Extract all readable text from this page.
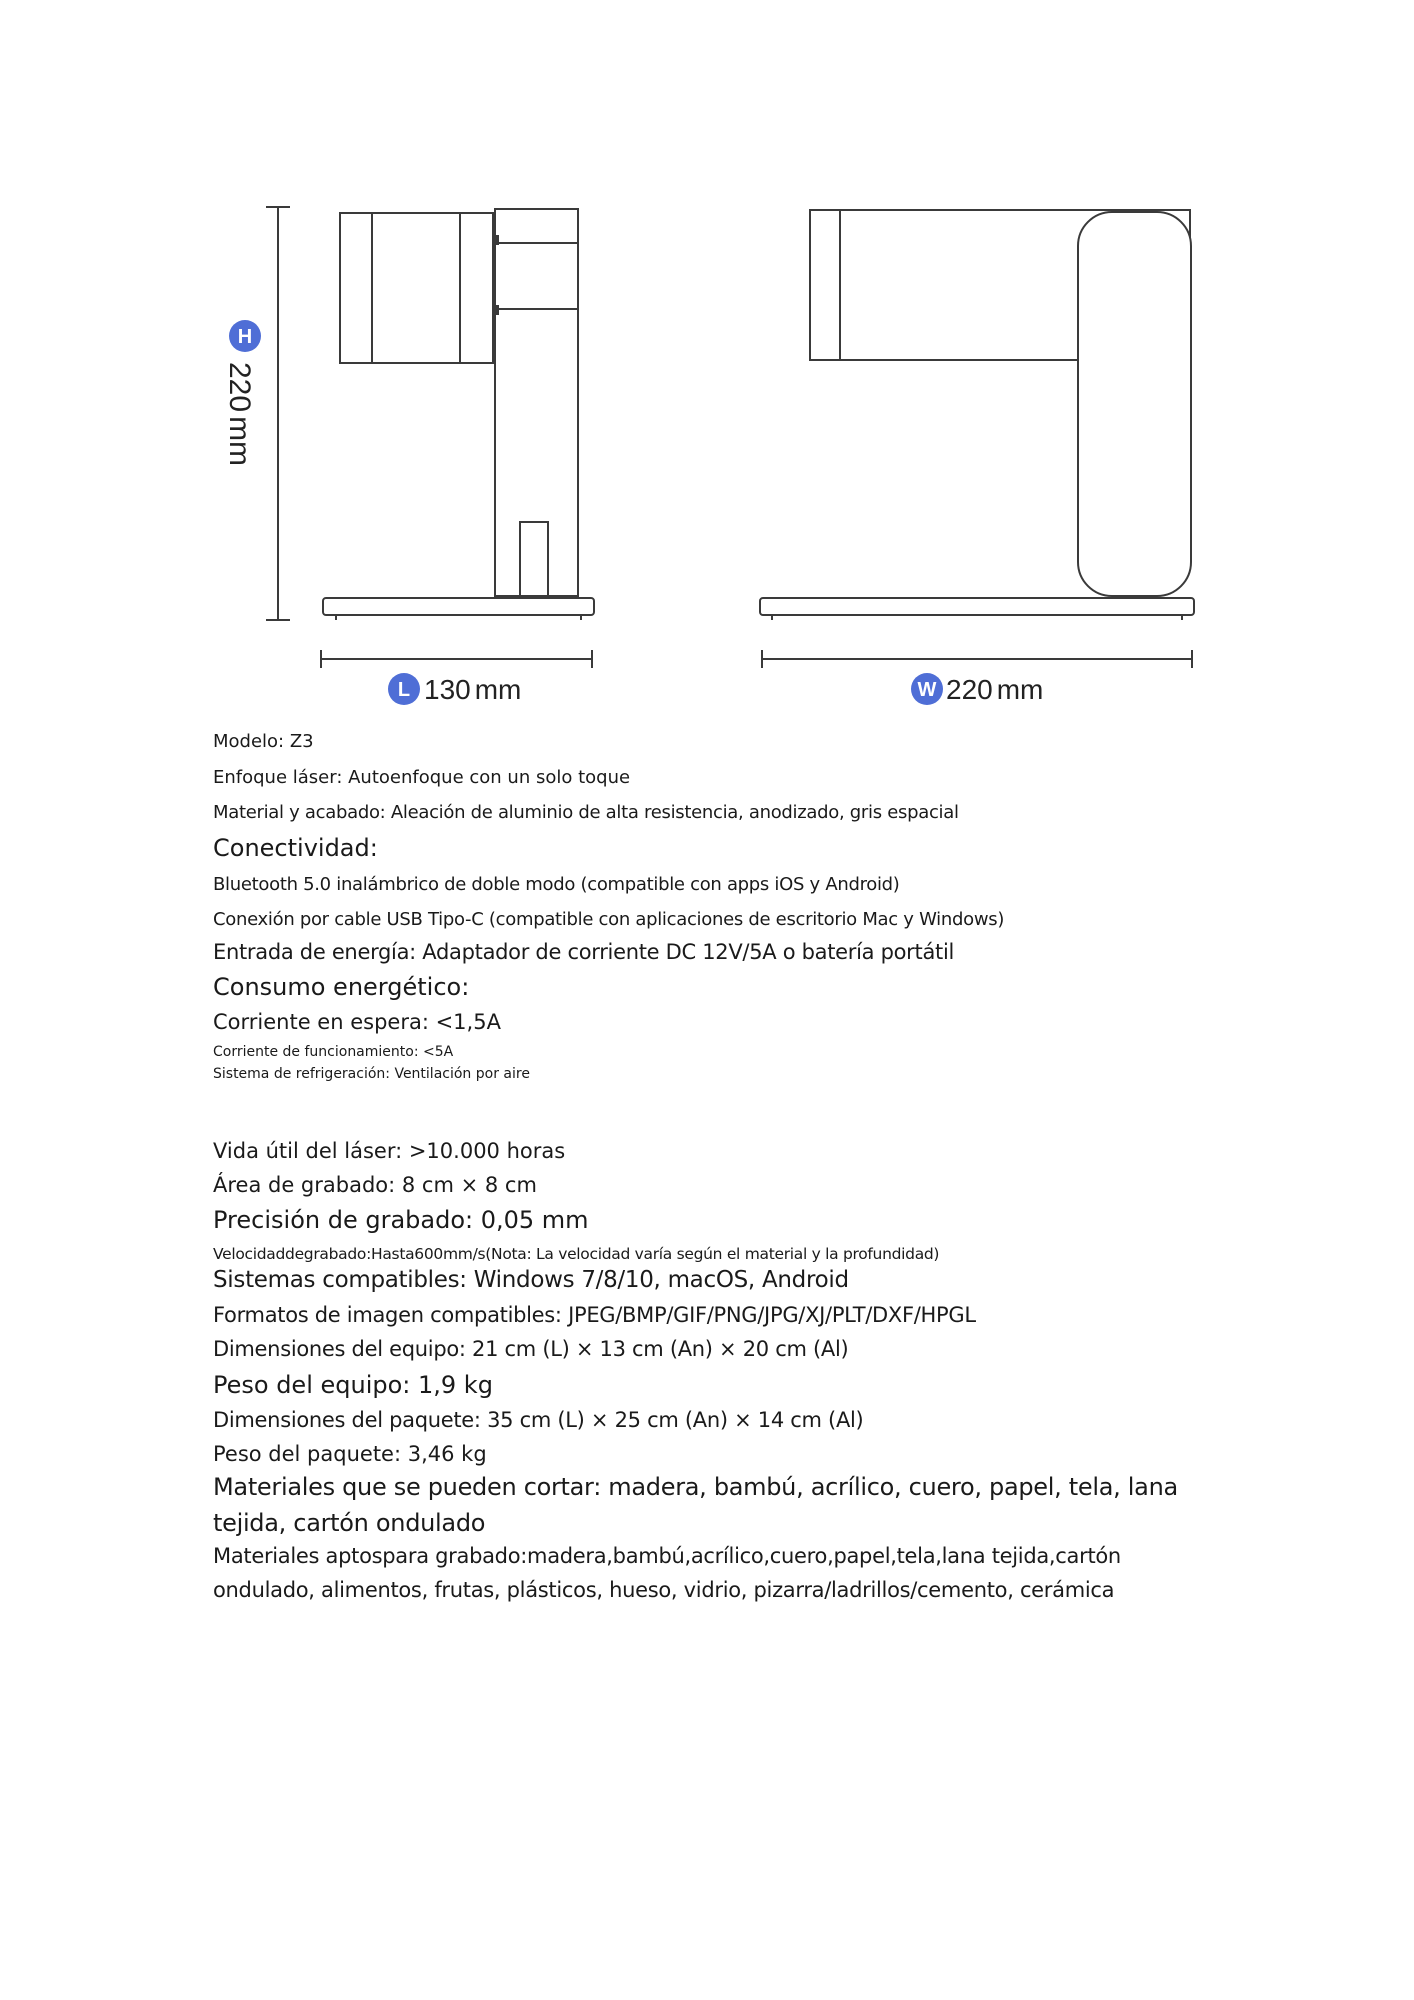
H
220mm
L 130 mm	W 220 mm
Modelo: Z3
Enfoque láser: Autoenfoque con un solo toque
Material y acabado: Aleación de aluminio de alta resistencia, anodizado, gris espacial
Conectividad:
Bluetooth 5.0 inalámbrico de doble modo (compatible con apps iOS y Android)
Conexión por cable USB Tipo-C (compatible con aplicaciones de escritorio Mac y Windows)
Entrada de energía: Adaptador de corriente DC 12V/5A o batería portátil
Consumo energético:
Corriente en espera: <1,5A
Corriente de funcionamiento: <5A
Sistema de refrigeración: Ventilación por aire
Vida útil del láser: >10.000 horas
Área de grabado: 8 cm × 8 cm
Precisión de grabado: 0,05 mm
Velocidaddegrabado:Hasta600mm/s(Nota: La velocidad varía según el material y la profundidad)
Sistemas compatibles: Windows 7/8/10, macOS, Android
Formatos de imagen compatibles: JPEG/BMP/GIF/PNG/JPG/XJ/PLT/DXF/HPGL
Dimensiones del equipo: 21 cm (L) × 13 cm (An) × 20 cm (Al)
Peso del equipo: 1,9 kg
Dimensiones del paquete: 35 cm (L) × 25 cm (An) × 14 cm (Al)
Peso del paquete: 3,46 kg
Materiales que se pueden cortar: madera, bambú, acrílico, cuero, papel, tela, lana tejida, cartón ondulado
Materiales aptospara grabado:madera,bambú,acrílico,cuero,papel,tela,lana tejida,cartón ondulado, alimentos, frutas, plásticos, hueso, vidrio, pizarra/ladrillos/cemento, cerámica
